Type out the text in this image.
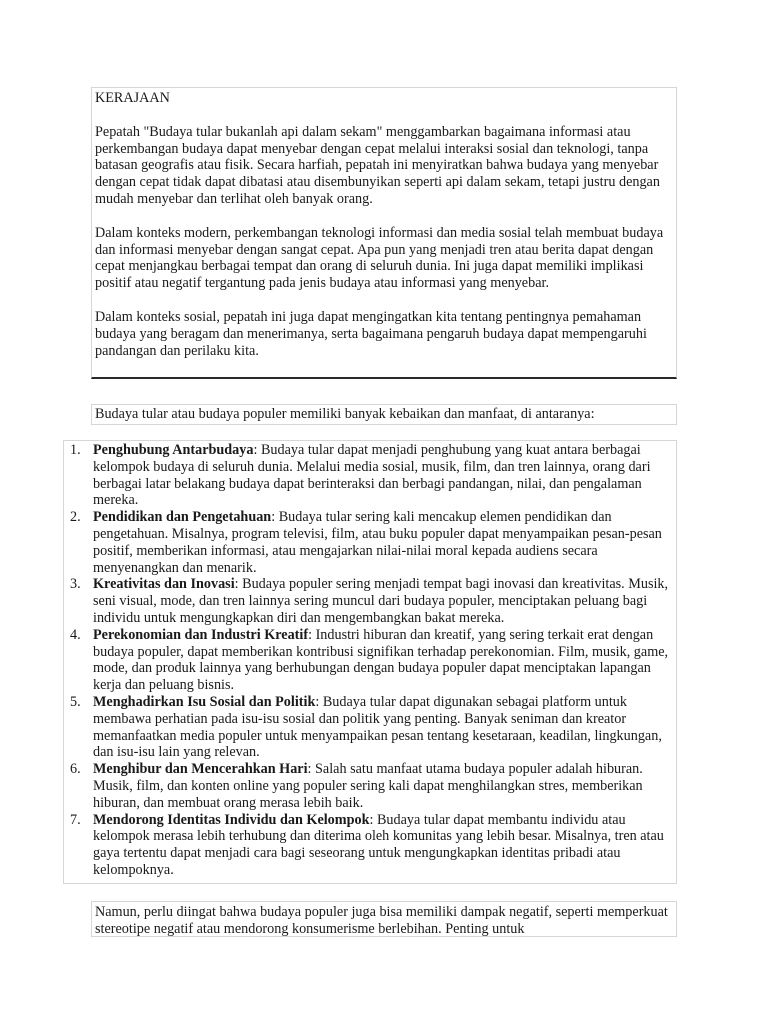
KERAJAAN

Pepatah "Budaya tular bukanlah api dalam sekam" menggambarkan bagaimana informasi atau perkembangan budaya dapat menyebar dengan cepat melalui interaksi sosial dan teknologi, tanpa batasan geografis atau fisik. Secara harfiah, pepatah ini menyiratkan bahwa budaya yang menyebar dengan cepat tidak dapat dibatasi atau disembunyikan seperti api dalam sekam, tetapi justru dengan mudah menyebar dan terlihat oleh banyak orang.

Dalam konteks modern, perkembangan teknologi informasi dan media sosial telah membuat budaya dan informasi menyebar dengan sangat cepat. Apa pun yang menjadi tren atau berita dapat dengan cepat menjangkau berbagai tempat dan orang di seluruh dunia. Ini juga dapat memiliki implikasi positif atau negatif tergantung pada jenis budaya atau informasi yang menyebar.

Dalam konteks sosial, pepatah ini juga dapat mengingatkan kita tentang pentingnya pemahaman budaya yang beragam dan menerimanya, serta bagaimana pengaruh budaya dapat mempengaruhi pandangan dan perilaku kita.

Budaya tular atau budaya populer memiliki banyak kebaikan dan manfaat, di antaranya:

1. Penghubung Antarbudaya: Budaya tular dapat menjadi penghubung yang kuat antara berbagai kelompok budaya di seluruh dunia. Melalui media sosial, musik, film, dan tren lainnya, orang dari berbagai latar belakang budaya dapat berinteraksi dan berbagi pandangan, nilai, dan pengalaman mereka.
2. Pendidikan dan Pengetahuan: Budaya tular sering kali mencakup elemen pendidikan dan pengetahuan. Misalnya, program televisi, film, atau buku populer dapat menyampaikan pesan-pesan positif, memberikan informasi, atau mengajarkan nilai-nilai moral kepada audiens secara menyenangkan dan menarik.
3. Kreativitas dan Inovasi: Budaya populer sering menjadi tempat bagi inovasi dan kreativitas. Musik, seni visual, mode, dan tren lainnya sering muncul dari budaya populer, menciptakan peluang bagi individu untuk mengungkapkan diri dan mengembangkan bakat mereka.
4. Perekonomian dan Industri Kreatif: Industri hiburan dan kreatif, yang sering terkait erat dengan budaya populer, dapat memberikan kontribusi signifikan terhadap perekonomian. Film, musik, game, mode, dan produk lainnya yang berhubungan dengan budaya populer dapat menciptakan lapangan kerja dan peluang bisnis.
5. Menghadirkan Isu Sosial dan Politik: Budaya tular dapat digunakan sebagai platform untuk membawa perhatian pada isu-isu sosial dan politik yang penting. Banyak seniman dan kreator memanfaatkan media populer untuk menyampaikan pesan tentang kesetaraan, keadilan, lingkungan, dan isu-isu lain yang relevan.
6. Menghibur dan Mencerahkan Hari: Salah satu manfaat utama budaya populer adalah hiburan. Musik, film, dan konten online yang populer sering kali dapat menghilangkan stres, memberikan hiburan, dan membuat orang merasa lebih baik.
7. Mendorong Identitas Individu dan Kelompok: Budaya tular dapat membantu individu atau kelompok merasa lebih terhubung dan diterima oleh komunitas yang lebih besar. Misalnya, tren atau gaya tertentu dapat menjadi cara bagi seseorang untuk mengungkapkan identitas pribadi atau kelompoknya.

Namun, perlu diingat bahwa budaya populer juga bisa memiliki dampak negatif, seperti memperkuat stereotipe negatif atau mendorong konsumerisme berlebihan. Penting untuk
